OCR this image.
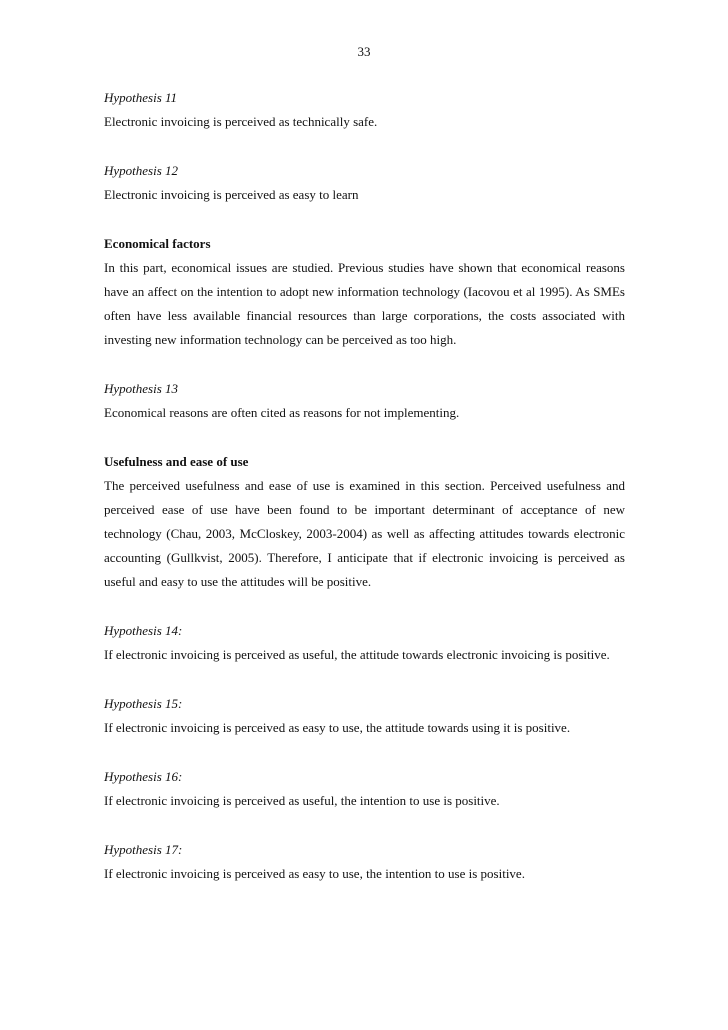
33

Hypothesis 11

Electronic invoicing is perceived as technically safe.

Hypothesis 12

Electronic invoicing is perceived as easy to learn

Economical factors

In this part, economical issues are studied. Previous studies have shown that economical reasons have an affect on the intention to adopt new information technology (Iacovou et al 1995). As SMEs often have less available financial resources than large corporations, the costs associated with investing new information technology can be perceived as too high.

Hypothesis 13

Economical reasons are often cited as reasons for not implementing.

Usefulness and ease of use

The perceived usefulness and ease of use is examined in this section. Perceived usefulness and perceived ease of use have been found to be important determinant of acceptance of new technology (Chau, 2003, McCloskey, 2003-2004) as well as affecting attitudes towards electronic accounting (Gullkvist, 2005). Therefore, I anticipate that if electronic invoicing is perceived as useful and easy to use the attitudes will be positive.

Hypothesis 14:

If electronic invoicing is perceived as useful, the attitude towards electronic invoicing is positive.

Hypothesis 15:

If electronic invoicing is perceived as easy to use, the attitude towards using it is positive.

Hypothesis 16:

If electronic invoicing is perceived as useful, the intention to use is positive.

Hypothesis 17:

If electronic invoicing is perceived as easy to use, the intention to use is positive.
